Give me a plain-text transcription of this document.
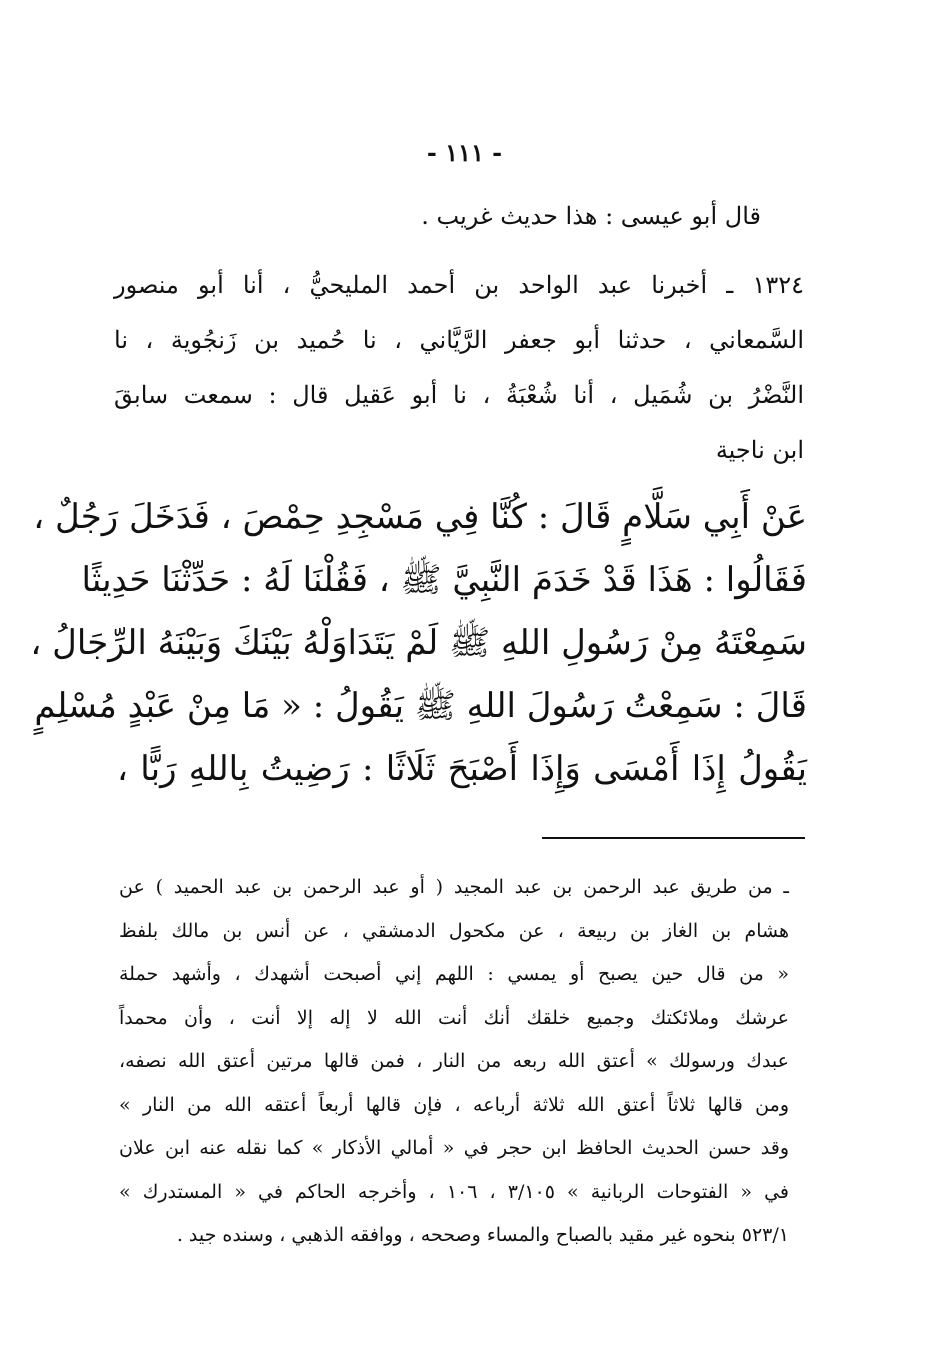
- ١١١ -
قال أبو عيسى : هذا حديث غريب .
١٣٢٤ ـ أخبرنا عبد الواحد بن أحمد المليحيُّ ، أنا أبو منصور
السَّمعاني ، حدثنا أبو جعفر الرَّيَّاني ، نا حُميد بن زَنجُوية ، نا
النَّضْرُ بن شُمَيل ، أنا شُعْبَةُ ، نا أبو عَقيل قال : سمعت سابقَ
ابن ناجية
عَنْ أَبِي سَلَّامٍ قَالَ : كُنَّا فِي مَسْجِدِ حِمْصَ ، فَدَخَلَ رَجُلٌ ،
فَقَالُوا : هَذَا قَدْ خَدَمَ النَّبِيَّ ﷺ ، فَقُلْنَا لَهُ : حَدِّثْنَا حَدِيثًا
سَمِعْتَهُ مِنْ رَسُولِ اللهِ ﷺ لَمْ يَتَدَاوَلْهُ بَيْنَكَ وَبَيْنَهُ الرِّجَالُ ،
قَالَ : سَمِعْتُ رَسُولَ اللهِ ﷺ يَقُولُ : « مَا مِنْ عَبْدٍ مُسْلِمٍ
يَقُولُ إِذَا أَمْسَى وَإِذَا أَصْبَحَ ثَلَاثًا : رَضِيتُ بِاللهِ رَبًّا ،
ـ من طريق عبد الرحمن بن عبد المجيد ( أو عبد الرحمن بن عبد الحميد ) عن
هشام بن الغاز بن ربيعة ، عن مكحول الدمشقي ، عن أنس بن مالك بلفظ
« من قال حين يصبح أو يمسي : اللهم إني أصبحت أشهدك ، وأشهد حملة
عرشك وملائكتك وجميع خلقك أنك أنت الله لا إله إلا أنت ، وأن محمداً
عبدك ورسولك » أعتق الله ربعه من النار ، فمن قالها مرتين أعتق الله نصفه،
ومن قالها ثلاثاً أعتق الله ثلاثة أرباعه ، فإن قالها أربعاً أعتقه الله من النار »
وقد حسن الحديث الحافظ ابن حجر في « أمالي الأذكار » كما نقله عنه ابن علان
في « الفتوحات الربانية » ٣/١٠٥ ، ١٠٦ ، وأخرجه الحاكم في « المستدرك »
٥٢٣/١ بنحوه غير مقيد بالصباح والمساء وصححه ، ووافقه الذهبي ، وسنده جيد .
